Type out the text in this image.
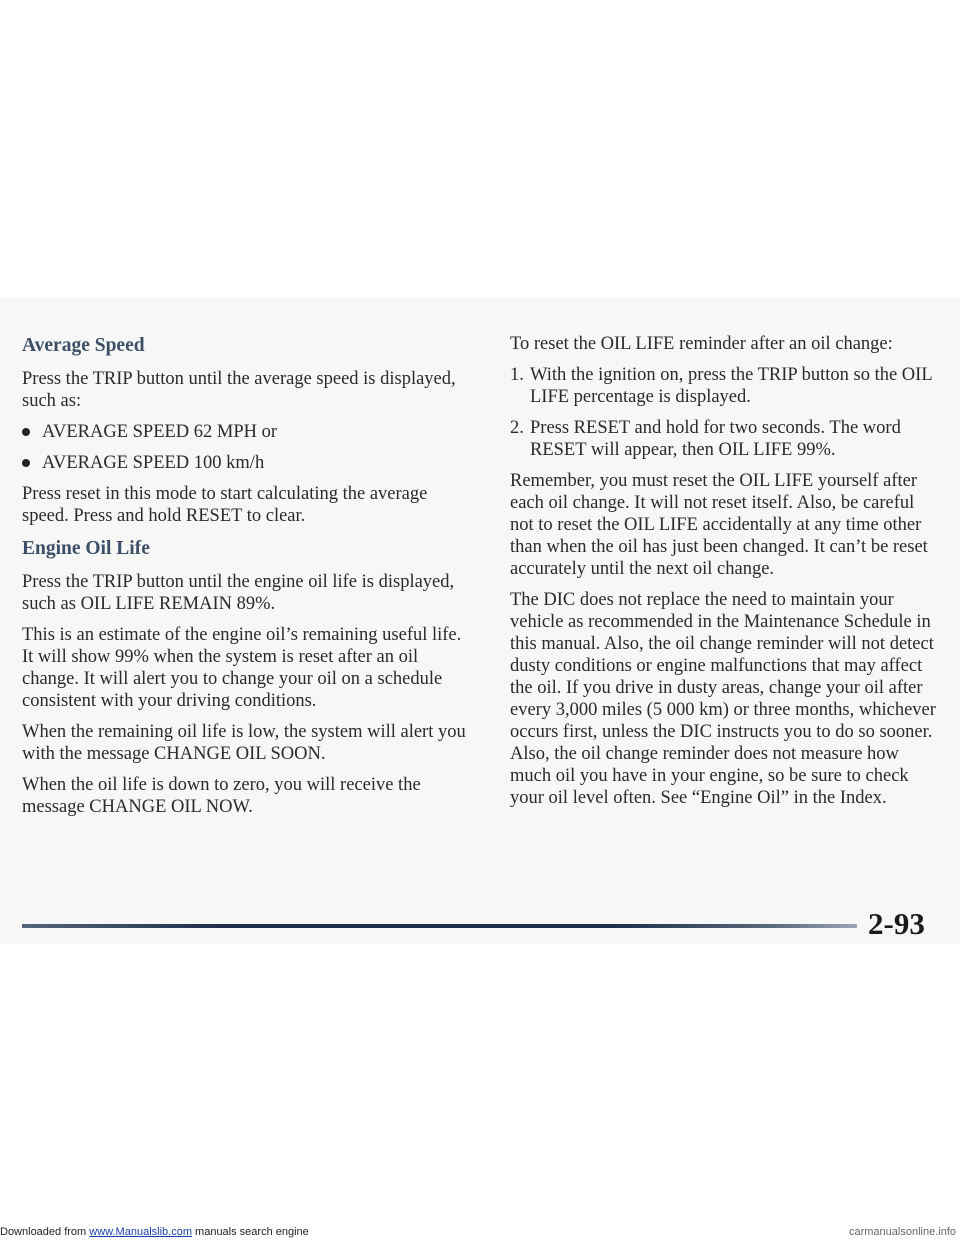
Average Speed

Press the TRIP button until the average speed is displayed, such as:

AVERAGE SPEED 62 MPH or
AVERAGE SPEED 100 km/h

Press reset in this mode to start calculating the average speed. Press and hold RESET to clear.

Engine Oil Life

Press the TRIP button until the engine oil life is displayed, such as OIL LIFE REMAIN 89%.

This is an estimate of the engine oil’s remaining useful life. It will show 99% when the system is reset after an oil change. It will alert you to change your oil on a schedule consistent with your driving conditions.

When the remaining oil life is low, the system will alert you with the message CHANGE OIL SOON.

When the oil life is down to zero, you will receive the message CHANGE OIL NOW.

To reset the OIL LIFE reminder after an oil change:

1. With the ignition on, press the TRIP button so the OIL LIFE percentage is displayed.
2. Press RESET and hold for two seconds. The word RESET will appear, then OIL LIFE 99%.

Remember, you must reset the OIL LIFE yourself after each oil change. It will not reset itself. Also, be careful not to reset the OIL LIFE accidentally at any time other than when the oil has just been changed. It can’t be reset accurately until the next oil change.

The DIC does not replace the need to maintain your vehicle as recommended in the Maintenance Schedule in this manual. Also, the oil change reminder will not detect dusty conditions or engine malfunctions that may affect the oil. If you drive in dusty areas, change your oil after every 3,000 miles (5 000 km) or three months, whichever occurs first, unless the DIC instructs you to do so sooner. Also, the oil change reminder does not measure how much oil you have in your engine, so be sure to check your oil level often. See “Engine Oil” in the Index.

2-93
Downloaded from www.Manualslib.com manuals search engine	carmanualsonline.info
